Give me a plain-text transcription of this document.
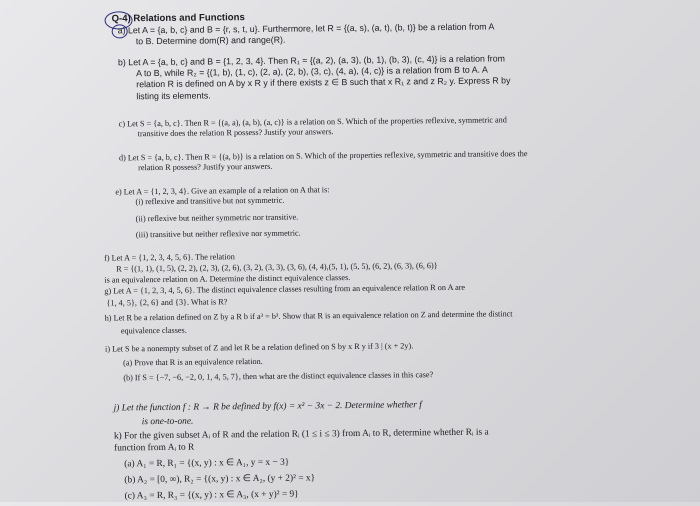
Q-4) Relations and Functions

a) Let A = {a, b, c} and B = {r, s, t, u}. Furthermore, let R = {(a, s), (a, t), (b, t)} be a relation from A

to B. Determine dom(R) and range(R).

b) Let A = {a, b, c} and B = {1, 2, 3, 4}. Then R₁ = {(a, 2), (a, 3), (b, 1), (b, 3), (c, 4)} is a relation from

A to B, while R₂ = {(1, b), (1, c), (2, a), (2, b), (3, c), (4, a), (4, c)} is a relation from B to A. A

relation R is defined on A by x R y if there exists z ∈ B such that x R₁ z and z R₂ y. Express R by

listing its elements.

c) Let S = {a, b, c}. Then R = {(a, a), (a, b), (a, c)} is a relation on S. Which of the properties reflexive, symmetric and

transitive does the relation R possess? Justify your answers.

d) Let S = {a, b, c}. Then R = {(a, b)} is a relation on S. Which of the properties reflexive, symmetric and transitive does the

relation R possess? Justify your answers.

e) Let A = {1, 2, 3, 4}. Give an example of a relation on A that is:

(i) reflexive and transitive but not symmetric.

(ii) reflexive but neither symmetric nor transitive.

(iii) transitive but neither reflexive nor symmetric.

f) Let A = {1, 2, 3, 4, 5, 6}. The relation

R = {(1, 1), (1, 5), (2, 2), (2, 3), (2, 6), (3, 2), (3, 3), (3, 6), (4, 4),(5, 1), (5, 5), (6, 2), (6, 3), (6, 6)}

is an equivalence relation on A. Determine the distinct equivalence classes.

g) Let A = {1, 2, 3, 4, 5, 6}. The distinct equivalence classes resulting from an equivalence relation R on A are

{1, 4, 5}, {2, 6} and {3}. What is R?

h) Let R be a relation defined on Z by a R b if a³ = b³. Show that R is an equivalence relation on Z and determine the distinct

equivalence classes.

i) Let S be a nonempty subset of Z and let R be a relation defined on S by x R y if 3 | (x + 2y).

(a) Prove that R is an equivalence relation.

(b) If S = {−7, −6, −2, 0, 1, 4, 5, 7}, then what are the distinct equivalence classes in this case?

j) Let the function f : R → R be defined by f(x) = x² − 3x − 2. Determine whether f

is one-to-one.

k) For the given subset Aᵢ of R and the relation Rᵢ (1 ≤ i ≤ 3) from Aᵢ to R, determine whether Rᵢ is a

function from Aᵢ to R

(a) A₁ = R, R₁ = {(x, y) : x ∈ A₁, y = x − 3}

(b) A₂ = [0, ∞), R₂ = {(x, y) : x ∈ A₂, (y + 2)² = x}

(c) A₃ = R, R₃ = {(x, y) : x ∈ A₃, (x + y)² = 9}
